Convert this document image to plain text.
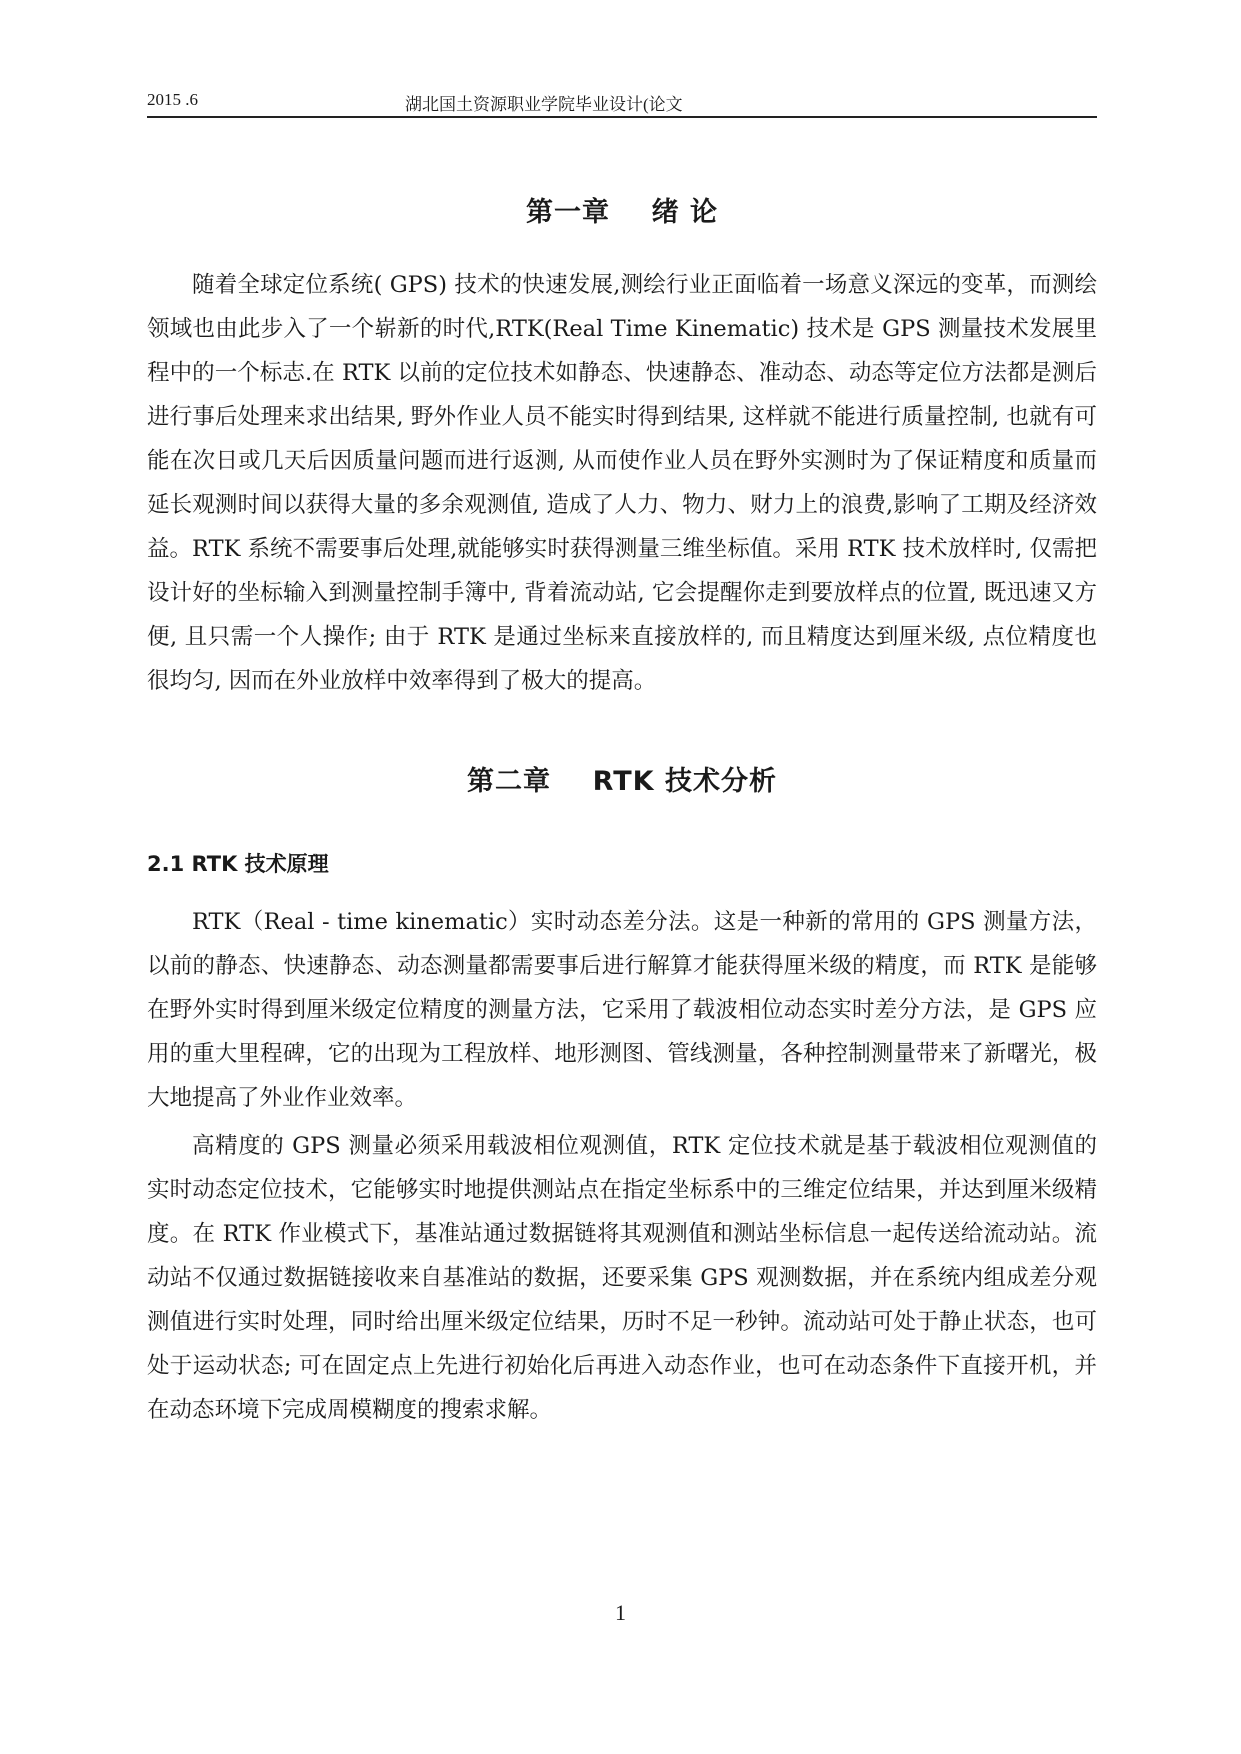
2015 .6	湖北国土资源职业学院毕业设计(论文
第一章    绪 论

随着全球定位系统( GPS) 技术的快速发展,测绘行业正面临着一场意义深远的变革，而测绘领域也由此步入了一个崭新的时代,RTK(Real Time Kinematic) 技术是 GPS 测量技术发展里程中的一个标志.在 RTK 以前的定位技术如静态、快速静态、准动态、动态等定位方法都是测后进行事后处理来求出结果, 野外作业人员不能实时得到结果, 这样就不能进行质量控制, 也就有可能在次日或几天后因质量问题而进行返测, 从而使作业人员在野外实测时为了保证精度和质量而延长观测时间以获得大量的多余观测值, 造成了人力、物力、财力上的浪费,影响了工期及经济效益。RTK 系统不需要事后处理,就能够实时获得测量三维坐标值。采用 RTK 技术放样时, 仅需把设计好的坐标输入到测量控制手簿中, 背着流动站, 它会提醒你走到要放样点的位置, 既迅速又方便, 且只需一个人操作; 由于 RTK 是通过坐标来直接放样的, 而且精度达到厘米级, 点位精度也很均匀, 因而在外业放样中效率得到了极大的提高。

第二章    RTK 技术分析
2.1 RTK 技术原理

RTK（Real - time kinematic）实时动态差分法。这是一种新的常用的 GPS 测量方法，以前的静态、快速静态、动态测量都需要事后进行解算才能获得厘米级的精度，而 RTK 是能够在野外实时得到厘米级定位精度的测量方法，它采用了载波相位动态实时差分方法，是 GPS 应用的重大里程碑，它的出现为工程放样、地形测图、管线测量，各种控制测量带来了新曙光，极大地提高了外业作业效率。

高精度的 GPS 测量必须采用载波相位观测值，RTK 定位技术就是基于载波相位观测值的实时动态定位技术，它能够实时地提供测站点在指定坐标系中的三维定位结果，并达到厘米级精度。在 RTK 作业模式下，基准站通过数据链将其观测值和测站坐标信息一起传送给流动站。流动站不仅通过数据链接收来自基准站的数据，还要采集 GPS 观测数据，并在系统内组成差分观测值进行实时处理，同时给出厘米级定位结果，历时不足一秒钟。流动站可处于静止状态，也可处于运动状态; 可在固定点上先进行初始化后再进入动态作业，也可在动态条件下直接开机，并在动态环境下完成周模糊度的搜索求解。

1
